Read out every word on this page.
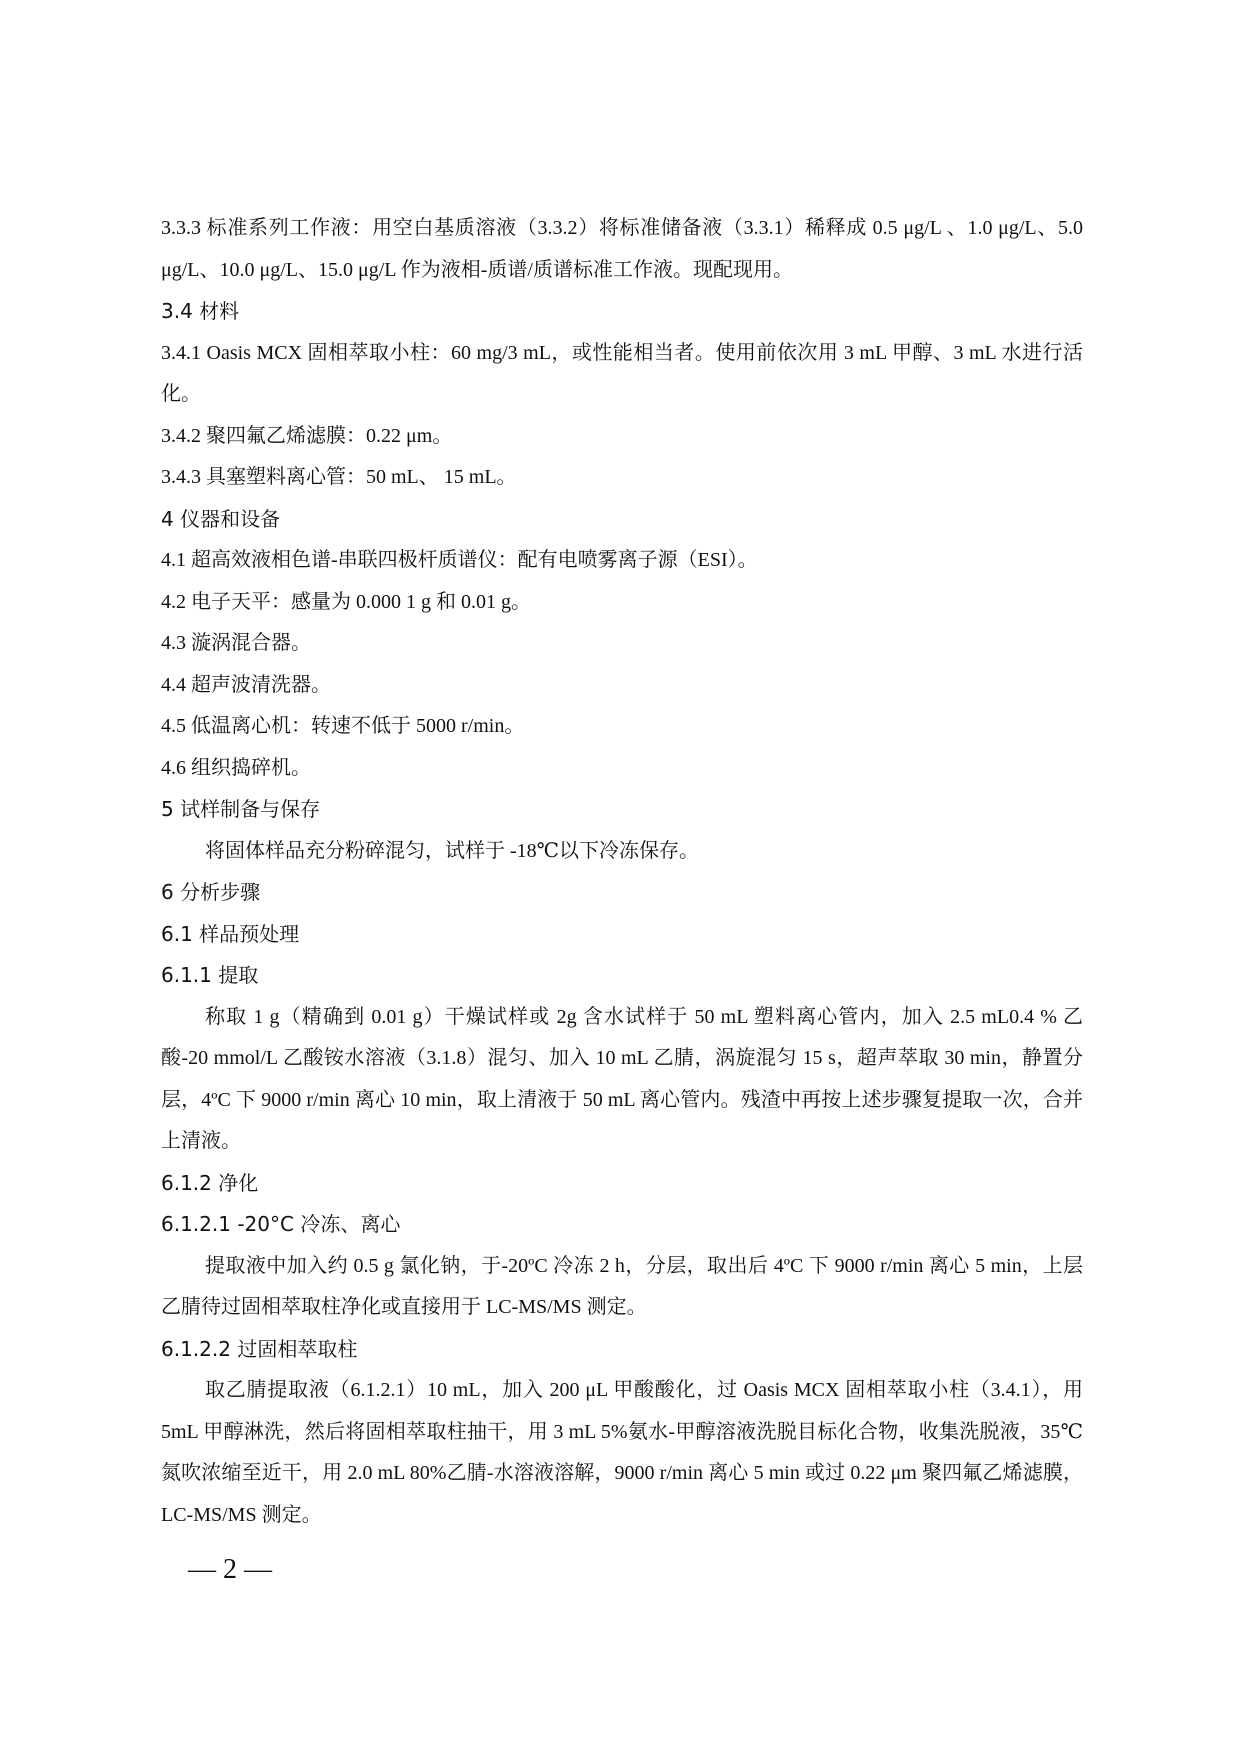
3.3.3 标准系列工作液：用空白基质溶液（3.3.2）将标准储备液（3.3.1）稀释成 0.5 μg/L 、1.0 μg/L、5.0 μg/L、10.0 μg/L、15.0 μg/L 作为液相-质谱/质谱标准工作液。现配现用。

3.4 材料

3.4.1 Oasis MCX 固相萃取小柱：60 mg/3 mL，或性能相当者。使用前依次用 3 mL 甲醇、3 mL 水进行活化。

3.4.2 聚四氟乙烯滤膜：0.22 μm。

3.4.3 具塞塑料离心管：50 mL、 15 mL。

4 仪器和设备

4.1 超高效液相色谱-串联四极杆质谱仪：配有电喷雾离子源（ESI）。

4.2 电子天平：感量为 0.000 1 g 和 0.01 g。

4.3 漩涡混合器。

4.4 超声波清洗器。

4.5 低温离心机：转速不低于 5000 r/min。

4.6 组织捣碎机。

5 试样制备与保存

将固体样品充分粉碎混匀，试样于 -18℃以下冷冻保存。

6 分析步骤

6.1 样品预处理

6.1.1 提取

称取 1 g（精确到 0.01 g）干燥试样或 2g 含水试样于 50 mL 塑料离心管内，加入 2.5 mL0.4 % 乙酸-20 mmol/L 乙酸铵水溶液（3.1.8）混匀、加入 10 mL 乙腈，涡旋混匀 15 s，超声萃取 30 min，静置分层，4ºC 下 9000 r/min 离心 10 min，取上清液于 50 mL 离心管内。残渣中再按上述步骤复提取一次，合并上清液。

6.1.2 净化

6.1.2.1 -20°C 冷冻、离心

提取液中加入约 0.5 g 氯化钠，于-20ºC 冷冻 2 h，分层，取出后 4ºC 下 9000 r/min 离心 5 min，上层乙腈待过固相萃取柱净化或直接用于 LC-MS/MS 测定。

6.1.2.2 过固相萃取柱

取乙腈提取液（6.1.2.1）10 mL，加入 200 μL 甲酸酸化，过 Oasis MCX 固相萃取小柱（3.4.1），用 5mL 甲醇淋洗，然后将固相萃取柱抽干，用 3 mL 5%氨水-甲醇溶液洗脱目标化合物，收集洗脱液，35℃氮吹浓缩至近干，用 2.0 mL 80%乙腈-水溶液溶解，9000 r/min 离心 5 min 或过 0.22 μm 聚四氟乙烯滤膜，LC-MS/MS 测定。

— 2 —
